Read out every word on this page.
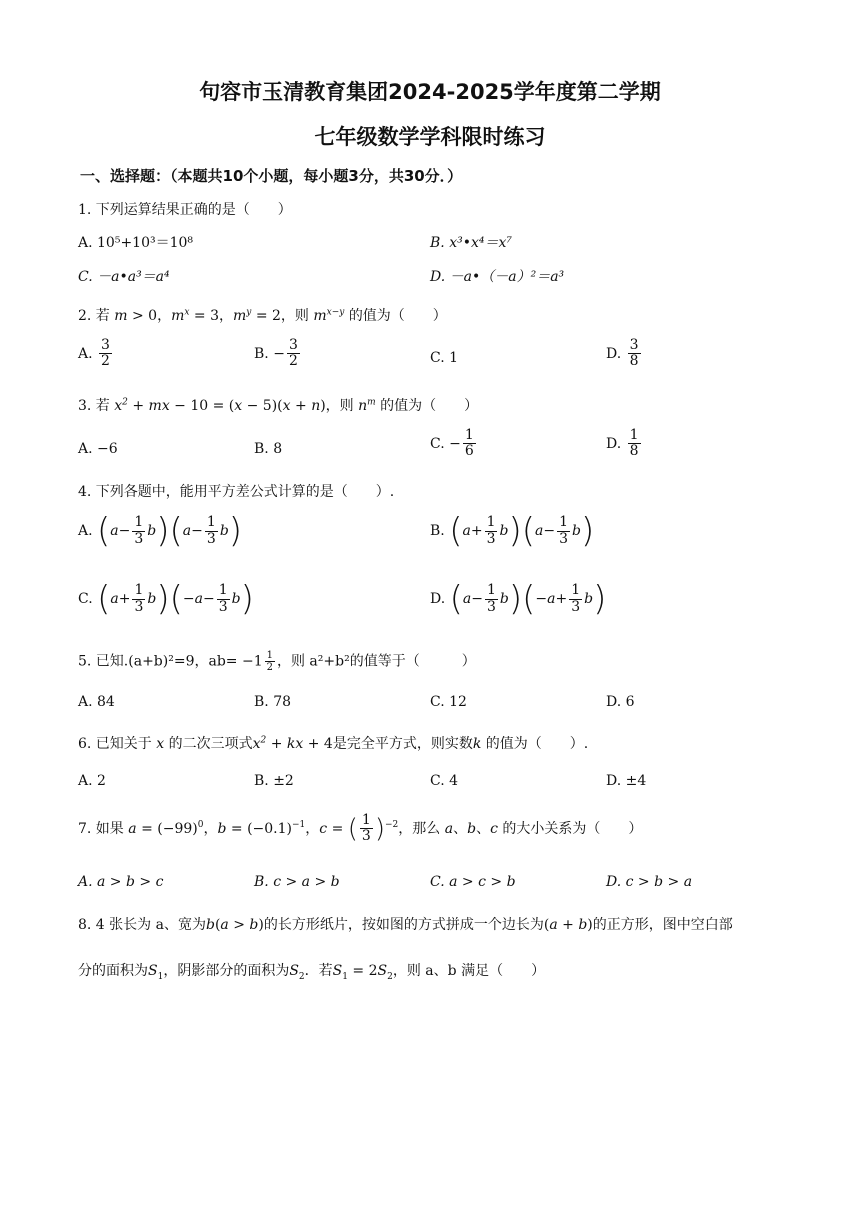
句容市玉清教育集团2024-2025学年度第二学期
七年级数学学科限时练习
一、选择题：（本题共10个小题，每小题3分，共30分．）
1. 下列运算结果正确的是（　　）
A. 10⁵+10³＝10⁸	B. x³•x⁴＝x⁷
C. －a•a³＝a⁴	D. －a•（－a）²＝a³
2. 若 m > 0，$m^x = 3$，$m^y = 2$，则 $m^{x-y}$ 的值为（　　）
A. $\frac{3}{2}$	B. − $\frac{3}{2}$	C. 1	D. $\frac{3}{8}$
3. 若 $x^2$ + mx − 10 = (x − 5)(x + n)，则 $n^m$ 的值为（　　）
A. −6	B. 8	C. − $\frac{1}{6}$	D. $\frac{1}{8}$
4. 下列各题中，能用平方差公式计算的是（　　）.
A. $(a- \frac{1}{3} b)(a- \frac{1}{3} b)$	B. $(a+ \frac{1}{3} b)(a- \frac{1}{3} b)$
C. $(a+ \frac{1}{3} b)(-a- \frac{1}{3} b)$	D. $(a- \frac{1}{3} b)(-a+ \frac{1}{3} b)$
5. 已知.(a+b)²=9，$ab= -1 \frac{1}{2}$ ，则 a²+b²的值等于（　　　）
A. 84	B. 78	C. 12	D. 6
6. 已知关于 x 的二次三项式$x^2$ + kx + 4是完全平方式，则实数k 的值为（　　）.
A. 2	B. ±2	C. 4	D. ±4
7. 如果 $a = (-99)^0$，$b = (-0.1)^{-1}$，c = ( $\frac{1}{3} )^{-2}$，那么 a、b、c 的大小关系为（　　）
A. a > b > c	B. c > a > b	C. a > c > b	D. c > b > a
8. 4 张长为 a、宽为b(a > b)的长方形纸片，按如图的方式拼成一个边长为(a + b)的正方形，图中空白部
分的面积为$S_1$，阴影部分的面积为$S_2$．若$S_1 = 2S_2$，则 a、b 满足（　　）
